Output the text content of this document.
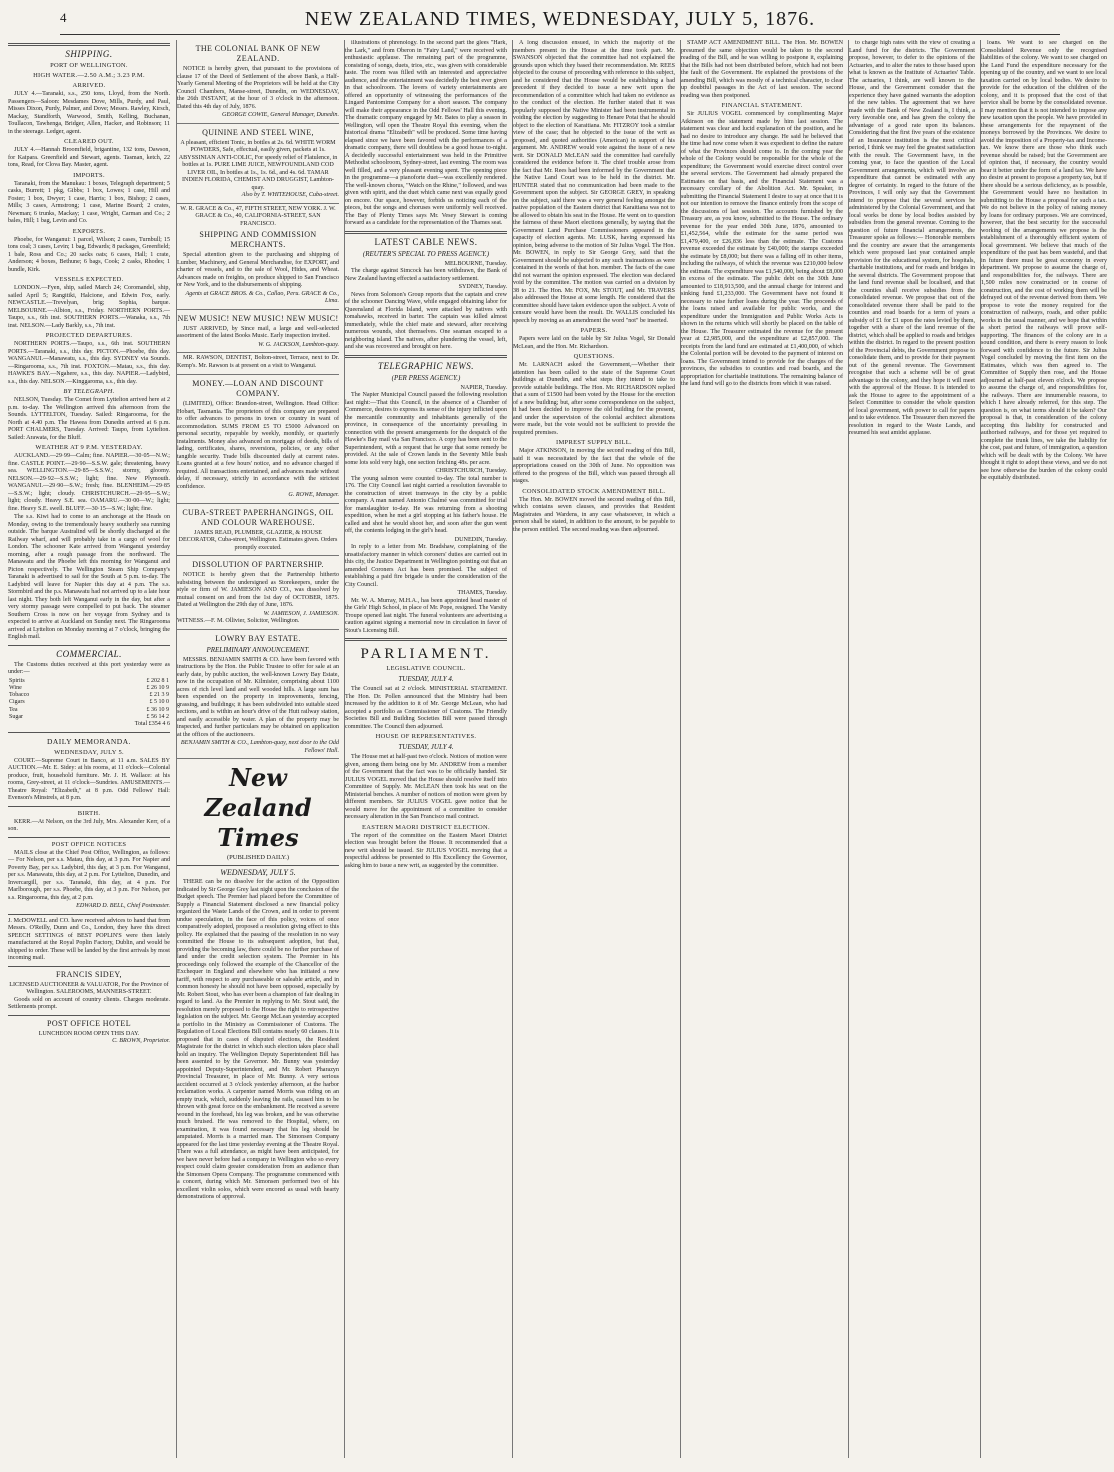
4	NEW ZEALAND TIMES, WEDNESDAY, JULY 5, 1876.
SHIPPING.
PORT OF WELLINGTON.
HIGH WATER.—2.50 A.M.; 3.23 P.M.
ARRIVED.

JULY 4.—Taranaki, s.s., 250 tons, Lloyd, from the North. Passengers—Saloon: Mesdames Dove, Mills, Purdy, and Paul, Misses Dixon, Purdy, Palmer, and Dove; Messrs. Rawley, Kirsch, Mackay, Standforth, Warwood, Smith, Kelling, Buchanan, Toullacon, Tawhenga, Bridger, Allen, Hacker, and Robinson; 11 in the steerage. Ledger, agent.

CLEARED OUT.

JULY 4.—Hannah Broomfield, brigantine, 132 tons, Dawson, for Kaipara. Greenfield and Stewart, agents. Tasman, ketch, 22 tons, Read, for Clova Bay. Master, agent.

IMPORTS.

Taranaki, from the Manukau: 1 boxes, Telegraph department; 5 casks, Burrett; 1 pkg, Gibbs; 1 box, Lowes; 1 case, Hill and Foster; 1 box, Dwyer; 1 case, Harris; 1 box, Bishop; 2 cases, Mills; 3 cases, Armstrong; 1 case, Marine Board; 2 crates, Newman; 6 trunks, Mackay; 1 case, Wright, Carman and Co.; 2 bales, Hill; 1 bag, Levin and Co.

EXPORTS.

Phoebe, for Wanganui: 1 parcel, Wilson; 2 cases, Turnbull; 15 tons coal; 3 cases, Levin; 1 bag, Edwards; 8 packages, Greenfield; 1 bale, Ross and Co.; 20 sacks oats; 6 cases, Hall; 1 crate, Anderson; 4 boxes, Bethune; 6 bags, Cook; 2 casks, Rhodes; 1 bundle, Kirk.

VESSELS EXPECTED.

LONDON.—Fyen, ship, sailed March 24; Coromandel, ship, sailed April 5; Rangitiki, Halcione, and Edwin Fox, early. NEWCASTLE.—Trevelyan, brig; Sophia, barque. MELBOURNE.—Albion, s.s., Friday. NORTHERN PORTS.—Taupo, s.s., 6th inst. SOUTHERN PORTS.—Wanaka, s.s., 7th inst. NELSON.—Lady Barkly, s.s., 7th inst.

PROJECTED DEPARTURES.

NORTHERN PORTS.—Taupo, s.s., 6th inst. SOUTHERN PORTS.—Taranaki, s.s., this day. PICTON.—Phoebe, this day. WANGANUI.—Manawatu, s.s., this day. SYDNEY via Sounds.—Ringarooma, s.s., 7th inst. FOXTON.—Matau, s.s., this day. HAWKE'S BAY.—Ngahere, s.s., this day. NAPIER.—Ladybird, s.s., this day. NELSON.—Kinggaroma, s.s., this day.

BY TELEGRAPH.

NELSON, Tuesday. The Comet from Lyttelton arrived here at 2 p.m. to-day. The Wellington arrived this afternoon from the Sounds. LYTTELTON, Tuesday. Sailed: Ringarooma, for the North at 4.40 p.m. The Hawea from Dunedin arrived at 6 p.m. PORT CHALMERS, Tuesday. Arrived: Taupo, from Lyttelton. Sailed: Arawata, for the Bluff.

WEATHER AT 9 P.M. YESTERDAY.

AUCKLAND.—29·99—Calm; fine. NAPIER.—30·05—N.W.; fine. CASTLE POINT.—29·90—S.S.W. gale; threatening, heavy sea. WELLINGTON.—29·85—S.S.W.; stormy, gloomy. NELSON.—29·92—S.S.W.; light; fine. New Plymouth. WANGANUI.—29·90—S.W.; fresh; fine. BLENHEIM.—29·85—S.S.W.; light; cloudy. CHRISTCHURCH.—29·95—S.W.; light; cloudy. Heavy S.E. sea. OAMARU.—30·00—W.; light; fine. Heavy S.E. swell. BLUFF.—30·15—S.W.; light; fine.

The s.s. Kiwi had to come to an anchorage at the Heads on Monday, owing to the tremendously heavy southerly sea running outside. The barque Australind will be shortly discharged at the Railway wharf, and will probably take in a cargo of wool for London. The schooner Kate arrived from Wanganui yesterday morning, after a rough passage from the northward. The Manawatu and the Phoebe left this morning for Wanganui and Picton respectively. The Wellington Steam Ship Company's Taranaki is advertised to sail for the South at 5 p.m. to-day. The Ladybird will leave for Napier this day at 4 p.m. The s.s. Stormbird and the p.s. Manawatu had not arrived up to a late hour last night. They both left Wanganui early in the day, but after a very stormy passage were compelled to put back. The steamer Southern Cross is now on her voyage from Sydney and is expected to arrive at Auckland on Sunday next. The Ringarooma arrived at Lyttelton on Monday morning at 7 o'clock, bringing the English mail.

COMMERCIAL.

The Customs duties received at this port yesterday were as under:—

Spirits	£ 202 8 1
Wine	£ 26 10 9
Tobacco	£ 21 3 9
Cigars	£ 5 10 0
Tea	£ 36 10 9
Sugar	£ 56 14 2
Total £354 4 6
DAILY MEMORANDA.
WEDNESDAY, JULY 5.

COURT.—Supreme Court in Banco, at 11 a.m. SALES BY AUCTION.—Mr. E. Sidey: at his rooms, at 11 o'clock—Colonial produce, fruit, household furniture. Mr. J. H. Wallace: at his rooms, Grey-street, at 11 o'clock—Sundries. AMUSEMENTS.—Theatre Royal: "Elizabeth," at 8 p.m. Odd Fellows' Hall: Evenson's Minstrels, at 8 p.m.

BIRTH.

KERR.—At Nelson, on the 3rd July, Mrs. Alexander Kerr, of a son.

POST OFFICE NOTICES

MAILS close at the Chief Post Office, Wellington, as follows:— For Nelson, per s.s. Matau, this day, at 3 p.m. For Napier and Poverty Bay, per s.s. Ladybird, this day, at 3 p.m. For Wanganui, per s.s. Manawatu, this day, at 2 p.m. For Lyttelton, Dunedin, and Invercargill, per s.s. Taranaki, this day, at 4 p.m. For Marlborough, per s.s. Phoebe, this day, at 3 p.m. For Nelson, per s.s. Ringarooma, this day, at 2 p.m.

EDWARD D. BELL, Chief Postmaster.

J. McDOWELL and CO. have received advices to hand that from Messrs. O'Reilly, Dunn and Co., London, they have this direct SPEECH SETTINGS of BEST POPLIN'S were then lately manufactured at the Royal Poplin Factory, Dublin, and would be shipped to order. These will be landed by the first arrivals by most incoming mail.

FRANCIS SIDEY,
LICENSED AUCTIONEER & VALUATOR, For the Province of Wellington. SALEROOMS, MANNERS-STREET.

Goods sold on account of country clients. Charges moderate. Settlements prompt.

POST OFFICE HOTEL
LUNCHEON ROOM OPEN THIS DAY.
C. BROWN, Proprietor.
THE COLONIAL BANK OF NEW ZEALAND.

NOTICE is hereby given, that pursuant to the provisions of clause 17 of the Deed of Settlement of the above Bank, a Half-Yearly General Meeting of the Proprietors will be held at the City Council Chambers, Manse-street, Dunedin, on WEDNESDAY, the 26th INSTANT, at the hour of 3 o'clock in the afternoon. Dated this 4th day of July, 1876.

GEORGE COWIE, General Manager, Dunedin.
QUININE AND STEEL WINE,
A pleasant, efficient Tonic, in bottles at 2s. 6d. WHITE WORM POWDERS, Safe, effectual, easily given, packets at 1s. ABYSSINIAN ANTI-COLIC, For speedy relief of Flatulence, in bottles at 1s. PURE LIME JUICE, NEWFOUNDLAND COD LIVER OIL, In bottles at 1s., 1s. 6d., and 4s. 6d. TAMAR INDIEN FLORIDA, CHEMIST AND DRUGGIST, Lambton-quay.
Also by T. WHITEHOUSE, Cuba-street.
W. R. GRACE & Co., 47, FIFTH STREET, NEW YORK. J. W. GRACE & Co., 40, CALIFORNIA-STREET, SAN FRANCISCO.
SHIPPING AND COMMISSION MERCHANTS.

Special attention given to the purchasing and shipping of Lumber, Machinery, and General Merchandise, for EXPORT, and charter of vessels, and to the sale of Wool, Hides, and Wheat. Advances made on freights, on produce shipped to San Francisco or New York, and to the disbursements of shipping.

Agents at GRACE BROS. & Co., Callao, Peru. GRACE & Co., Lima.
NEW MUSIC! NEW MUSIC! NEW MUSIC!

JUST ARRIVED, by Since mail, a large and well-selected assortment of the latest Books Music. Early inspection invited.

W. G. JACKSON, Lambton-quay.

MR. RAWSON, DENTIST, Bolton-street, Terrace, next to Dr. Kemp's. Mr. Rawson is at present on a visit to Wanganui.

MONEY.—LOAN AND DISCOUNT COMPANY.

(LIMITED), Office: Brandon-street, Wellington. Head Office: Hobart, Tasmania. The proprietors of this company are prepared to offer advances to persons in town or country in want of accommodation. SUMS FROM £5 TO £5000 Advanced on personal security, repayable by weekly, monthly, or quarterly instalments. Money also advanced on mortgage of deeds, bills of lading, certificates, shares, reversions, policies, or any other tangible security. Trade bills discounted daily at current rates. Loans granted at a few hours' notice, and no advance charged if required. All transactions entertained, and advances made without delay, if necessary, strictly in accordance with the strictest confidence.

G. ROWE, Manager.
CUBA-STREET PAPERHANGINGS, OIL AND COLOUR WAREHOUSE.
JAMES READ, PLUMBER, GLAZIER, & HOUSE DECORATOR, Cuba-street, Wellington. Estimates given. Orders promptly executed.
DISSOLUTION OF PARTNERSHIP.

NOTICE is hereby given that the Partnership hitherto subsisting between the undersigned as Storekeepers, under the style or firm of W. JAMIESON AND CO., was dissolved by mutual consent on and from the 1st day of OCTOBER, 1875. Dated at Wellington the 29th day of June, 1876.

W. JAMIESON, J. JAMIESON.
WITNESS.—F. M. Ollivier, Solicitor, Wellington.
LOWRY BAY ESTATE.
PRELIMINARY ANNOUNCEMENT.

MESSRS. BENJAMIN SMITH & CO. have been favored with instructions by the Hon. the Public Trustee to offer for sale at an early date, by public auction, the well-known Lowry Bay Estate, now in the occupation of Mr. Kilmister, comprising about 1100 acres of rich level land and well wooded hills. A large sum has been expended on the property in improvements, fencing, grassing, and buildings; it has been subdivided into suitable sized sections, and is within an hour's drive of the Hutt railway station, and easily accessible by water. A plan of the property may be inspected, and further particulars may be obtained on application at the offices of the auctioneers.

BENJAMIN SMITH & CO., Lambton-quay, next door to the Odd Fellows' Hall.
New Zealand Times
(PUBLISHED DAILY.)
WEDNESDAY, JULY 5.

THERE can be no dissolve for the action of the Opposition indicated by Sir George Grey last night upon the conclusion of the Budget speech. The Premier had placed before the Committee of Supply a Financial Statement disclosed a new financial policy organized the Waste Lands of the Crown, and in order to prevent undue speculation, in the face of this policy, voices of once comparatively adopted, proposed a resolution giving effect to this policy. He explained that the passing of the resolution in no way committed the House to its subsequent adoption, but that, providing the becoming law, there could be no further purchase of land under the credit selection system. The Premier in his proceedings only followed the example of the Chancellor of the Exchequer in England and elsewhere who has initiated a new tariff, with respect to any purchaseable or saleable article, and in common honesty he should not have been opposed, especially by Mr. Robert Stout, who has ever been a champion of fair dealing in regard to land. As the Premier in replying to Mr. Stout said, the resolution merely proposed to the House the right to retrospective legislation on the subject. Mr. George McLean yesterday accepted a portfolio in the Ministry as Commissioner of Customs. The Regulation of Local Elections Bill contains nearly 60 clauses. It is proposed that in cases of disputed elections, the Resident Magistrate for the district in which such election takes place shall hold an inquiry. The Wellington Deputy Superintendent Bill has been assented to by the Governor. Mr. Bunny was yesterday appointed Deputy-Superintendent, and Mr. Robert Pharazyn Provincial Treasurer, in place of Mr. Bunny. A very serious accident occurred at 3 o'clock yesterday afternoon, at the harbor reclamation works. A carpenter named Morris was riding on an empty truck, which, suddenly leaving the rails, caused him to be thrown with great force on the embankment. He received a severe wound in the forehead, his leg was broken, and he was otherwise much bruised. He was removed to the Hospital, where, on examination, it was found necessary that his leg should be amputated. Morris is a married man. The Simonsen Company appeared for the last time yesterday evening at the Theatre Royal. There was a full attendance, as might have been anticipated, for we have never before had a company in Wellington who so every respect could claim greater consideration from an audience than the Simonsen Opera Company. The programme commenced with a concert, during which Mr. Simonsen performed two of his excellent violin solos, which were encored as usual with hearty demonstrations of approval.

illustrations of phrenology. In the second part the glees "Hark, the Lark," and from Oberon in "Fairy Land," were received with enthusiastic applause. The remaining part of the programme, consisting of songs, duets, trios, etc., was given with considerable taste. The room was filled with an interested and appreciative audience, and the entertainment was decidedly the best ever given in that schoolroom. The lovers of variety entertainments are offered an opportunity of witnessing the performances of the Lingard Pantomime Company for a short season. The company will make their appearance in the Odd Fellows' Hall this evening. The dramatic company engaged by Mr. Bates to play a season in Wellington, will open the Theatre Royal this evening, when the historical drama "Elizabeth" will be produced. Some time having elapsed since we have been favored with the performances of a dramatic company, there will doubtless be a good house to-night. A decidedly successful entertainment was held in the Primitive Methodist schoolroom, Sydney-street, last evening. The room was well filled, and a very pleasant evening spent. The opening piece in the programme—a pianoforte duet—was excellently rendered. The well-known chorus, "Watch on the Rhine," followed, and was given with spirit, and the duet which came next was equally good on encore. Our space, however, forbids us noticing each of the pieces, but the songs and choruses were uniformly well received. The Bay of Plenty Times says Mr. Vesey Stewart is coming forward as a candidate for the representation of the Thames seat.

LATEST CABLE NEWS.
(REUTER'S SPECIAL TO PRESS AGENCY.)
MELBOURNE, Tuesday.

The charge against Simcock has been withdrawn, the Bank of New Zealand having effected a satisfactory settlement.

SYDNEY, Tuesday.

News from Solomon's Group reports that the captain and crew of the schooner Dancing Wave, while engaged obtaining labor for Queensland at Florida Island, were attacked by natives with tomahawks, received in barter. The captain was killed almost immediately, while the chief mate and steward, after receiving numerous wounds, shot themselves. One seaman escaped to a neighboring island. The natives, after plundering the vessel, left, and she was recovered and brought on here.

TELEGRAPHIC NEWS.
(PER PRESS AGENCY.)
NAPIER, Tuesday.

The Napier Municipal Council passed the following resolution last night:—That this Council, in the absence of a Chamber of Commerce, desires to express its sense of the injury inflicted upon the mercantile community and inhabitants generally of the province, in consequence of the uncertainty prevailing in connection with the present arrangements for the despatch of the Hawke's Bay mail via San Francisco. A copy has been sent to the Superintendent, with a request that he urge that some remedy be provided. At the sale of Crown lands in the Seventy Mile bush some lots sold very high, one section fetching 48s. per acre.

CHRISTCHURCH, Tuesday.

The young salmon were counted to-day. The total number is 176. The City Council last night carried a resolution favorable to the construction of street tramways in the city by a public company. A man named Antonio Chalmé was committed for trial for manslaughter to-day. He was returning from a shooting expedition, when he met a girl stopping at his father's house. He called and shot he would shoot her, and soon after the gun went off, the contents lodging in the girl's head.

DUNEDIN, Tuesday.

In reply to a letter from Mr. Bradshaw, complaining of the unsatisfactory manner in which coroners' duties are carried out in this city, the Justice Department in Wellington pointing out that an amended Coroners Act has been promised. The subject of establishing a paid fire brigade is under the consideration of the City Council.

THAMES, Tuesday.

Mr. W. A. Murray, M.H.A., has been appointed head master of the Girls' High School, in place of Mr. Pope, resigned. The Varsity Troupe opened last night. The funeral volunteers are advertising a caution against signing a memorial now in circulation in favor of Stout's Licensing Bill.

PARLIAMENT.
LEGISLATIVE COUNCIL.
TUESDAY, JULY 4.

The Council sat at 2 o'clock. MINISTERIAL STATEMENT. The Hon. Dr. Pollen announced that the Ministry had been increased by the addition to it of Mr. George McLean, who had accepted a portfolio as Commissioner of Customs. The Friendly Societies Bill and Building Societies Bill were passed through committee. The Council then adjourned.

HOUSE OF REPRESENTATIVES.
TUESDAY, JULY 4.

The House met at half-past two o'clock. Notices of motion were given, among them being one by Mr. ANDREW from a member of the Government that the fact was to be officially handed. Sir JULIUS VOGEL moved that the House should resolve itself into Committee of Supply. Mr. McLEAN then took his seat on the Ministerial benches. A number of notices of motion were given by different members. Sir JULIUS VOGEL gave notice that he would move for the appointment of a committee to consider necessary alteration in the San Francisco mail contract.

EASTERN MAORI DISTRICT ELECTION.

The report of the committee on the Eastern Maori District election was brought before the House. It recommended that a new writ should be issued. Sir JULIUS VOGEL moving that a respectful address be presented to His Excellency the Governor, asking him to issue a new writ, as suggested by the committee.

A long discussion ensued, in which the majority of the members present in the House at the time took part. Mr. SWANSON objected that the committee had not explained the grounds upon which they based their recommendation. Mr. REES objected to the course of proceeding with reference to this subject, and he considered that the House would be establishing a bad precedent if they decided to issue a new writ upon the recommendation of a committee which had taken no evidence as to the conduct of the election. He further stated that it was popularly supposed the Native Minister had been instrumental in voiding the election by suggesting to Henare Potai that he should object to the election of Karaitiana. Mr. FITZROY took a similar view of the case; that he objected to the issue of the writ as proposed, and quoted authorities (American) in support of his argument. Mr. ANDREW would vote against the issue of a new writ. Sir DONALD McLEAN said the committee had carefully considered the evidence before it. The chief trouble arose from the fact that Mr. Rees had been informed by the Government that the Native Land Court was to be held in the district. Mr. HUNTER stated that no communication had been made to the Government upon the subject. Sir GEORGE GREY, in speaking on the subject, said there was a very general feeling amongst the native population of the Eastern district that Karaitiana was not to be allowed to obtain his seat in the House. He went on to question the fairness of these Maori elections generally, by saying that the Government Land Purchase Commissioners appeared in the capacity of election agents. Mr. LUSK, having expressed his opinion, being adverse to the motion of Sir Julius Vogel. The Hon. Mr. BOWEN, in reply to Sir George Grey, said that the Government should be subjected to any such insinuations as were contained in the words of that hon. member. The facts of the case did not warrant the opinion expressed. The election was declared void by the committee. The motion was carried on a division by 38 to 21. The Hon. Mr. FOX, Mr. STOUT, and Mr. TRAVERS also addressed the House at some length. He considered that the committee should have taken evidence upon the subject. A vote of censure would have been the result. Dr. WALLIS concluded his speech by moving as an amendment the word "not" be inserted.

PAPERS.

Papers were laid on the table by Sir Julius Vogel, Sir Donald McLean, and the Hon. Mr. Richardson.

QUESTIONS.

Mr. LARNACH asked the Government,—Whether their attention has been called to the state of the Supreme Court buildings at Dunedin, and what steps they intend to take to provide suitable buildings. The Hon. Mr. RICHARDSON replied that a sum of £1500 had been voted by the House for the erection of a new building; but, after some correspondence on the subject, it had been decided to improve the old building for the present, and under the supervision of the colonial architect alterations were made, but the vote would not be sufficient to provide the required premises.

IMPREST SUPPLY BILL.

Major ATKINSON, in moving the second reading of this Bill, said it was necessitated by the fact that the whole of the appropriations ceased on the 30th of June. No opposition was offered to the progress of the Bill, which was passed through all stages.

CONSOLIDATED STOCK AMENDMENT BILL.

The Hon. Mr. BOWEN moved the second reading of this Bill, which contains seven clauses, and provides that Resident Magistrates and Wardens, in any case whatsoever, in which a person shall be stated, in addition to the amount, to be payable to the person entitled. The second reading was then adjourned.

STAMP ACT AMENDMENT BILL. The Hon. Mr. BOWEN presumed the same objection would be taken to the second reading of the Bill, and he was willing to postpone it, explaining that the Bills had not been distributed before, which had not been the fault of the Government. He explained the provisions of the amending Bill, which was mostly of a technical character, to clear up doubtful passages in the Act of last session. The second reading was then postponed.

FINANCIAL STATEMENT.

Sir JULIUS VOGEL commenced by complimenting Major Atkinson on the statement made by him last session. The statement was clear and lucid explanation of the position, and he had no desire to introduce any change. He said he believed that the time had now come when it was expedient to define the nature of what the Provinces should come to. In the coming year the whole of the Colony would be responsible for the whole of the expenditure; the Government would exercise direct control over the several services. The Government had already prepared the Estimates on that basis, and the Financial Statement was a necessary corollary of the Abolition Act. Mr. Speaker, in submitting the Financial Statement I desire to say at once that it is not our intention to remove the finance entirely from the scope of the discussions of last session. The accounts furnished by the Treasury are, as you know, submitted to the House. The ordinary revenue for the year ended 30th June, 1876, amounted to £1,452,564, while the estimate for the same period was £1,479,400, or £26,836 less than the estimate. The Customs revenue exceeded the estimate by £40,000; the stamps exceeded the estimate by £8,000; but there was a falling off in other items, including the railways, of which the revenue was £210,000 below the estimate. The expenditure was £1,540,000, being about £8,000 in excess of the estimate. The public debt on the 30th June amounted to £18,913,500, and the annual charge for interest and sinking fund £1,233,000. The Government have not found it necessary to raise further loans during the year. The proceeds of the loans raised and available for public works, and the expenditure under the Immigration and Public Works Acts is shown in the returns which will shortly be placed on the table of the House. The Treasurer estimated the revenue for the present year at £2,985,000, and the expenditure at £2,857,000. The receipts from the land fund are estimated at £1,400,000, of which the Colonial portion will be devoted to the payment of interest on loans. The Government intend to provide for the charges of the provinces, the subsidies to counties and road boards, and the appropriation for charitable institutions. The remaining balance of the land fund will go to the districts from which it was raised.

to charge high rates with the view of creating a Land fund for the districts. The Government propose, however, to defer to the opinions of the Actuaries, and to alter the rates to those based upon what is known as the Institute of Actuaries' Table. The actuaries, I think, are well known to the House, and the Government consider that the experience they have gained warrants the adoption of the new tables. The agreement that we have made with the Bank of New Zealand is, I think, a very favorable one, and has given the colony the advantage of a good rate upon its balances. Considering that the first five years of the existence of an Insurance institution is the most critical period, I think we may feel the greatest satisfaction with the result. The Government have, in the coming year, to face the question of the Local Government arrangements, which will involve an expenditure that cannot be estimated with any degree of certainty. In regard to the future of the Provinces, I will only say that the Government intend to propose that the several services be administered by the Colonial Government, and that local works be done by local bodies assisted by subsidies from the general revenue. Coming to the question of future financial arrangements, the Treasurer spoke as follows:— Honorable members and the country are aware that the arrangements which were proposed last year contained ample provision for the educational system, for hospitals, charitable institutions, and for roads and bridges in the several districts. The Government propose that the land fund revenue shall be localised, and that the counties shall receive subsidies from the consolidated revenue. We propose that out of the consolidated revenue there shall be paid to the counties and road boards for a term of years a subsidy of £1 for £1 upon the rates levied by them, together with a share of the land revenue of the district, which shall be applied to roads and bridges within the district. In regard to the present position of the Provincial debts, the Government propose to consolidate them, and to provide for their payment out of the general revenue. The Government recognise that such a scheme will be of great advantage to the colony, and they hope it will meet with the approval of the House. It is intended to ask the House to agree to the appointment of a Select Committee to consider the whole question of local government, with power to call for papers and to take evidence. The Treasurer then moved the resolution in regard to the Waste Lands, and resumed his seat amidst applause.

loans. We want to see charged on the Consolidated Revenue only the recognised liabilities of the colony. We want to see charged on the Land Fund the expenditure necessary for the opening up of the country, and we want to see local taxation carried on by local bodies. We desire to provide for the education of the children of the colony, and it is proposed that the cost of that service shall be borne by the consolidated revenue. I may mention that it is not intended to impose any new taxation upon the people. We have provided in these arrangements for the repayment of the moneys borrowed by the Provinces. We desire to avoid the imposition of a Property-tax and Income-tax. We know there are those who think such revenue should be raised; but the Government are of opinion that, if necessary, the country would bear it better under the form of a land tax. We have no desire at present to propose a property tax, but if there should be a serious deficiency, as is possible, the Government would have no hesitation in submitting to the House a proposal for such a tax. We do not believe in the policy of raising money by loans for ordinary purposes. We are convinced, however, that the best security for the successful working of the arrangements we propose is the establishment of a thoroughly efficient system of local government. We believe that much of the expenditure of the past has been wasteful, and that in future there must be great economy in every department. We propose to assume the charge of, and responsibilities for, the railways. There are 1,500 miles now constructed or in course of construction, and the cost of working them will be defrayed out of the revenue derived from them. We propose to vote the money required for the construction of railways, roads, and other public works in the usual manner, and we hope that within a short period the railways will prove self-supporting. The finances of the colony are in a sound condition, and there is every reason to look forward with confidence to the future. Sir Julius Vogel concluded by moving the first item on the Estimates, which was then agreed to. The Committee of Supply then rose, and the House adjourned at half-past eleven o'clock. We propose to assume the charge of, and responsibilities for, the railways. There are innumerable reasons, to which I have already referred, for this step. The question is, on what terms should it be taken? Our proposal is that, in consideration of the colony accepting this liability for constructed and authorised railways, and for those yet required to complete the trunk lines, we take the liability for the cost, past and future, of immigration, a question which will be dealt with by the Colony. We have thought it right to adopt these views, and we do not see how otherwise the burden of the colony could be equitably distributed.
